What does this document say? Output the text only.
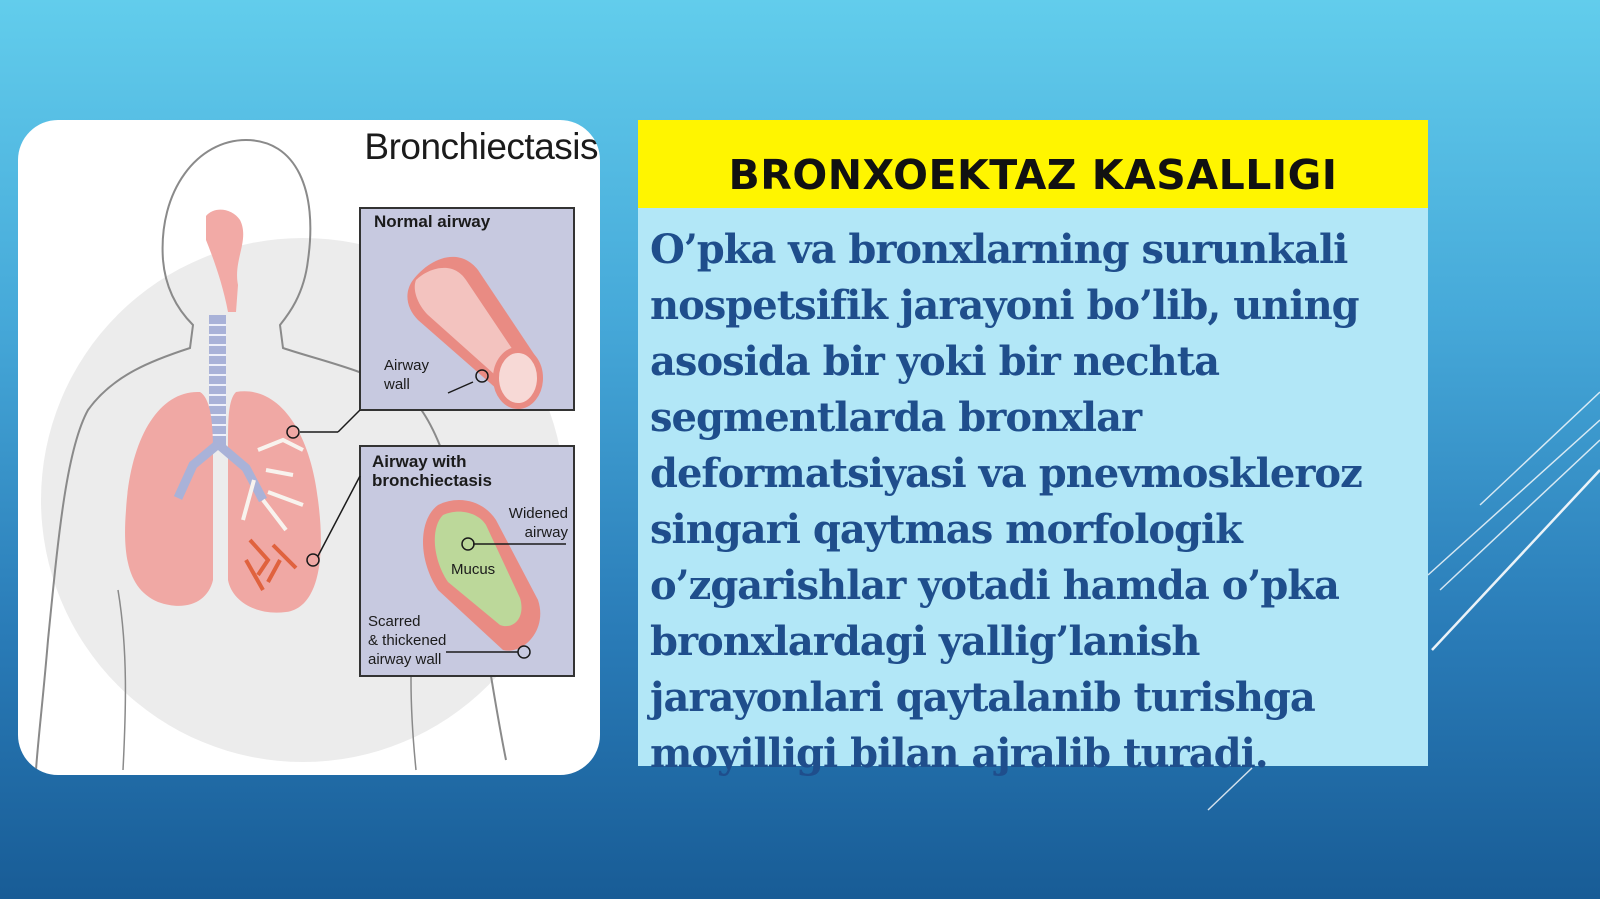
Bronchiectasis
Normal airway
Airway
wall
Airway with
bronchiectasis
Widened
airway
Mucus
Scarred
& thickened
airway wall
BRONXOEKTAZ KASALLIGI
O’pka va bronxlarning surunkali nospetsifik jarayoni bo’lib, uning asosida bir yoki bir nechta segmentlarda bronxlar deformatsiyasi va pnevmoskleroz singari qaytmas morfologik o’zgarishlar yotadi hamda o’pka bronxlardagi yallig’lanish jarayonlari qaytalanib turishga moyilligi bilan ajralib turadi.
